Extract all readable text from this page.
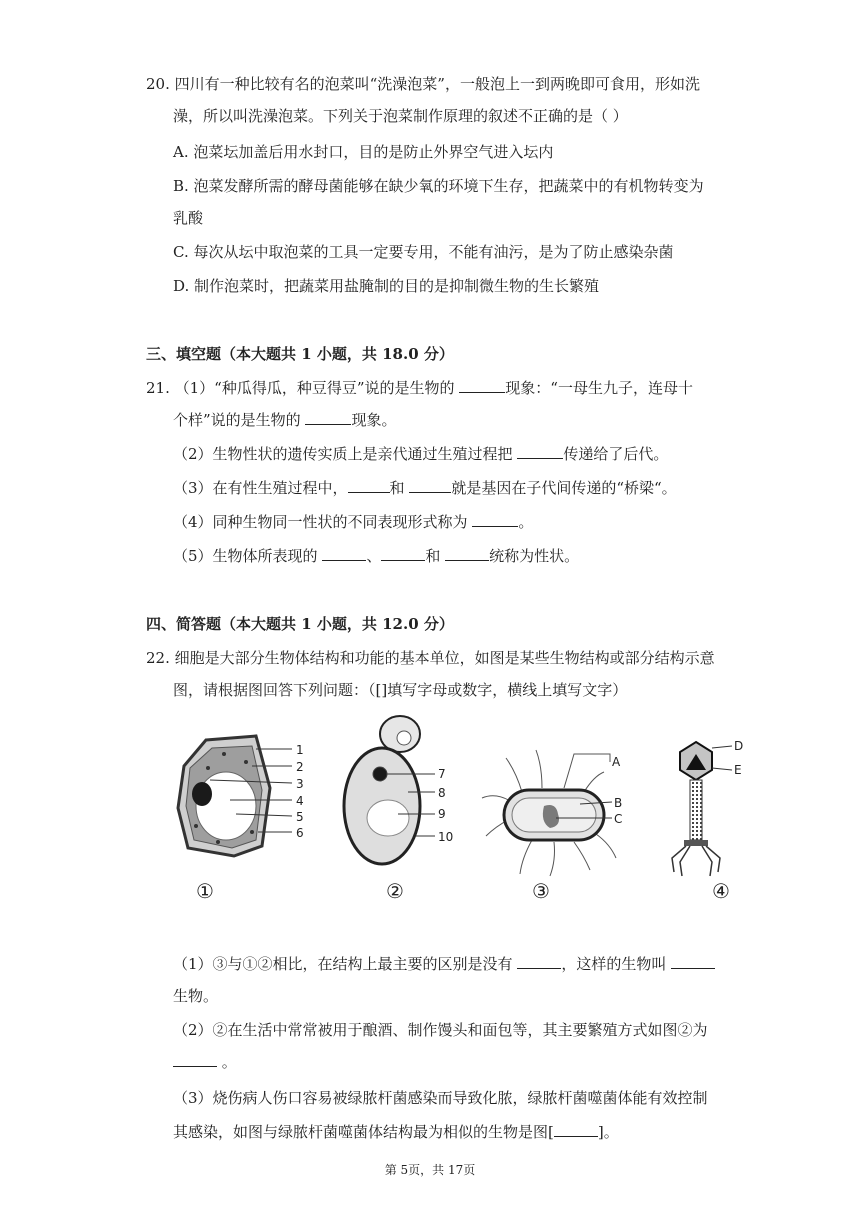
20. 四川有一种比较有名的泡菜叫“洗澡泡菜”，一般泡上一到两晚即可食用，形如洗
澡，所以叫洗澡泡菜。下列关于泡菜制作原理的叙述不正确的是（ ）
A. 泡菜坛加盖后用水封口，目的是防止外界空气进入坛内
B. 泡菜发酵所需的酵母菌能够在缺少氧的环境下生存，把蔬菜中的有机物转变为
乳酸
C. 每次从坛中取泡菜的工具一定要专用，不能有油污，是为了防止感染杂菌
D. 制作泡菜时，把蔬菜用盐腌制的目的是抑制微生物的生长繁殖
三、填空题（本大题共 1 小题，共 18.0 分）
21. （1）“种瓜得瓜，种豆得豆”说的是生物的	现象：“一母生九子，连母十
个样”说的是生物的	现象。
（2）生物性状的遗传实质上是亲代通过生殖过程把	传递给了后代。
（3）在有性生殖过程中，	和	就是基因在子代间传递的“桥梁“。
（4）同种生物同一性状的不同表现形式称为	。
（5）生物体所表现的	、	和	统称为性状。
四、简答题（本大题共 1 小题，共 12.0 分）
22. 细胞是大部分生物体结构和功能的基本单位，如图是某些生物结构或部分结构示意
图，请根据图回答下列问题：（[]填写字母或数字，横线上填写文字）
1
2
3
4
5
6
7
8
9
10
A
B
C
D
E
①	②	③	④
（1）③与①②相比，在结构上最主要的区别是没有	，这样的生物叫
生物。
（2）②在生活中常常被用于酿酒、制作馒头和面包等，其主要繁殖方式如图②为
。
（3）烧伤病人伤口容易被绿脓杆菌感染而导致化脓，绿脓杆菌噬菌体能有效控制
其感染，如图与绿脓杆菌噬菌体结构最为相似的生物是图[	]。
第 5页，共 17页
